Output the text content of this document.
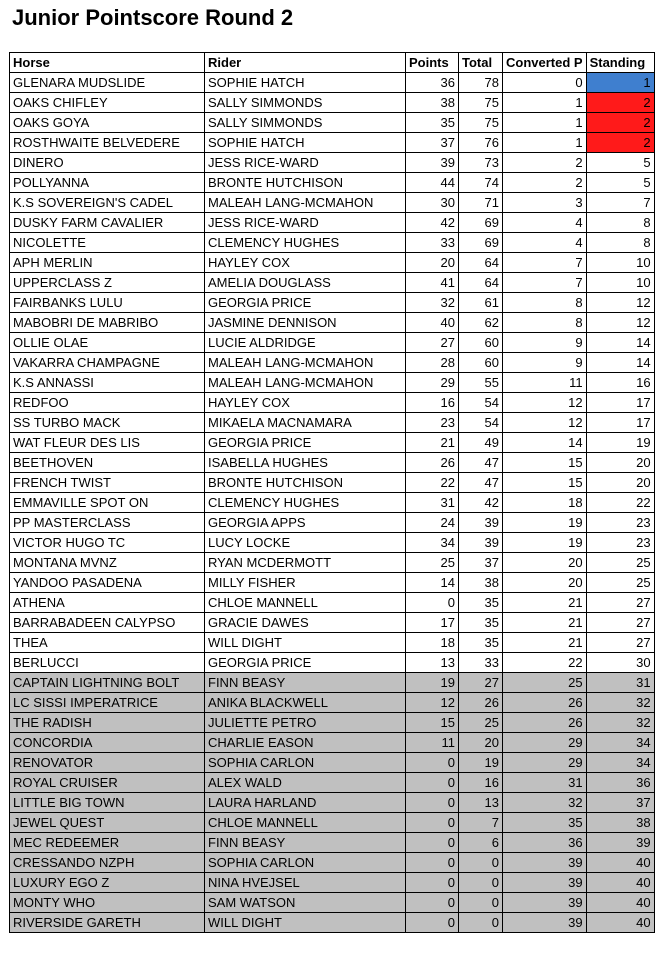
Junior Pointscore Round 2
Horse	Rider	Points	Total	Converted P	Standing
GLENARA MUDSLIDE	SOPHIE HATCH	36	78	0	1
OAKS CHIFLEY	SALLY SIMMONDS	38	75	1	2
OAKS GOYA	SALLY SIMMONDS	35	75	1	2
ROSTHWAITE BELVEDERE	SOPHIE HATCH	37	76	1	2
DINERO	JESS RICE-WARD	39	73	2	5
POLLYANNA	BRONTE HUTCHISON	44	74	2	5
K.S SOVEREIGN'S CADEL	MALEAH LANG-MCMAHON	30	71	3	7
DUSKY FARM CAVALIER	JESS RICE-WARD	42	69	4	8
NICOLETTE	CLEMENCY HUGHES	33	69	4	8
APH MERLIN	HAYLEY COX	20	64	7	10
UPPERCLASS Z	AMELIA DOUGLASS	41	64	7	10
FAIRBANKS LULU	GEORGIA PRICE	32	61	8	12
MABOBRI DE MABRIBO	JASMINE DENNISON	40	62	8	12
OLLIE OLAE	LUCIE ALDRIDGE	27	60	9	14
VAKARRA CHAMPAGNE	MALEAH LANG-MCMAHON	28	60	9	14
K.S ANNASSI	MALEAH LANG-MCMAHON	29	55	11	16
REDFOO	HAYLEY COX	16	54	12	17
SS TURBO MACK	MIKAELA MACNAMARA	23	54	12	17
WAT FLEUR DES LIS	GEORGIA PRICE	21	49	14	19
BEETHOVEN	ISABELLA HUGHES	26	47	15	20
FRENCH TWIST	BRONTE HUTCHISON	22	47	15	20
EMMAVILLE SPOT ON	CLEMENCY HUGHES	31	42	18	22
PP MASTERCLASS	GEORGIA APPS	24	39	19	23
VICTOR HUGO TC	LUCY LOCKE	34	39	19	23
MONTANA MVNZ	RYAN MCDERMOTT	25	37	20	25
YANDOO PASADENA	MILLY FISHER	14	38	20	25
ATHENA	CHLOE MANNELL	0	35	21	27
BARRABADEEN CALYPSO	GRACIE DAWES	17	35	21	27
THEA	WILL DIGHT	18	35	21	27
BERLUCCI	GEORGIA PRICE	13	33	22	30
CAPTAIN LIGHTNING BOLT	FINN BEASY	19	27	25	31
LC SISSI IMPERATRICE	ANIKA BLACKWELL	12	26	26	32
THE RADISH	JULIETTE PETRO	15	25	26	32
CONCORDIA	CHARLIE EASON	11	20	29	34
RENOVATOR	SOPHIA CARLON	0	19	29	34
ROYAL CRUISER	ALEX WALD	0	16	31	36
LITTLE BIG TOWN	LAURA HARLAND	0	13	32	37
JEWEL QUEST	CHLOE MANNELL	0	7	35	38
MEC REDEEMER	FINN BEASY	0	6	36	39
CRESSANDO NZPH	SOPHIA CARLON	0	0	39	40
LUXURY EGO Z	NINA HVEJSEL	0	0	39	40
MONTY WHO	SAM WATSON	0	0	39	40
RIVERSIDE GARETH	WILL DIGHT	0	0	39	40
